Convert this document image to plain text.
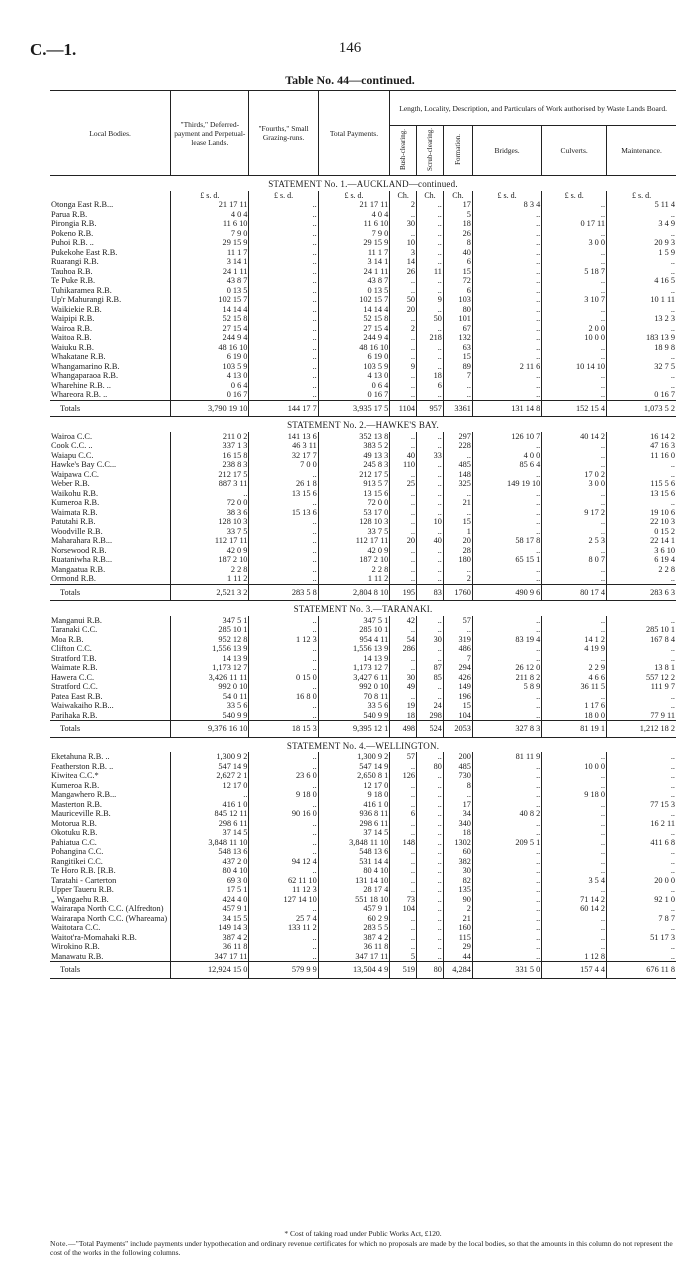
C.—1.	146
Table No. 44—continued.
Local Bodies.	"Thirds," Deferred-payment and Perpetual-lease Lands.	"Fourths," Small Grazing-runs.	Total Payments.	Length, Locality, Description, and Particulars of Work authorised by Waste Lands Board.					
				Bush-clearing.	Scrub-clearing.	Formation.	Bridges.	Culverts.	Maintenance.
STATEMENT No. 1.—AUCKLAND—continued.									
	£ s. d.	£ s. d.	£ s. d.	Ch.	Ch.	Ch.	£ s. d.	£ s. d.	£ s. d.
Otonga East R.B...	21 17 11	..	21 17 11	2	..	17	8 3 4	..	5 11 4
Parua R.B.	4 0 4	..	4 0 4	..	..	5	..	..	..
Pirongia R.B.	11 6 10	..	11 6 10	30	..	18	..	0 17 11	3 4 9
Pokeno R.B.	7 9 0	..	7 9 0	..	..	26	..	..	..
Puhoi R.B. ..	29 15 9	..	29 15 9	10	..	8	..	3 0 0	20 9 3
Pukekohe East R.B.	11 1 7	..	11 1 7	3	..	40	..	..	1 5 9
Ruarangi R.B.	3 14 1	..	3 14 1	14	..	6	..	..	..
Tauhoa R.B.	24 1 11	..	24 1 11	26	11	15	..	5 18 7	..
Te Puke R.B.	43 8 7	..	43 8 7	..	..	72	..	..	4 16 5
Tuhikaramea R.B.	0 13 5	..	0 13 5	..	..	6	..	..	..
Up'r Mahurangi R.B.	102 15 7	..	102 15 7	50	9	103	..	3 10 7	10 1 11
Waikiekie R.B.	14 14 4	..	14 14 4	20	..	80	..	..	..
Waipipi R.B.	52 15 8	..	52 15 8	..	50	101	..	..	13 2 3
Wairoa R.B.	27 15 4	..	27 15 4	2	..	67	..	2 0 0	..
Waitoa R.B.	244 9 4	..	244 9 4	..	218	132	..	10 0 0	183 13 9
Waiuku R.B.	48 16 10	..	48 16 10	..	..	63	..	..	18 9 8
Whakatane R.B.	6 19 0	..	6 19 0	..	..	15	..	..	..
Whangamarino R.B.	103 5 9	..	103 5 9	9	..	89	2 11 6	10 14 10	32 7 5
Whangaparaoa R.B.	4 13 0	..	4 13 0	..	18	7	..	..	..
Wharehine R.B. ..	0 6 4	..	0 6 4	..	6	..	..	..	..
Whareora R.B. ..	0 16 7	..	0 16 7	..	..	..	..	..	0 16 7
Totals	3,790 19 10	144 17 7	3,935 17 5	1104	957	3361	131 14 8	152 15 4	1,073 5 2
STATEMENT No. 2.—HAWKE'S BAY.									
Wairoa C.C.	211 0 2	141 13 6	352 13 8	..	..	297	126 10 7	40 14 2	16 14 2
Cook C.C. ..	337 1 3	46 3 11	383 5 2	..	..	228	..	..	47 16 3
Waiapu C.C.	16 15 8	32 17 7	49 13 3	40	33	..	4 0 0	..	11 16 0
Hawke's Bay C.C...	238 8 3	7 0 0	245 8 3	110	..	485	85 6 4	..	..
Waipawa C.C.	212 17 5	..	212 17 5	..	..	148	..	17 0 2	..
Weber R.B.	887 3 11	26 1 8	913 5 7	25	..	325	149 19 10	3 0 0	115 5 6
Waikohu R.B.	..	13 15 6	13 15 6	..	..	..	..	..	13 15 6
Kumeroa R.B.	72 0 0	..	72 0 0	..	..	21	..	..	..
Waimata R.B.	38 3 6	15 13 6	53 17 0	..	..	..	..	9 17 2	19 10 6
Patutahi R.B.	128 10 3	..	128 10 3	..	10	15	..	..	22 10 3
Woodville R.B.	33 7 5	..	33 7 5	..	..	1	..	..	0 15 2
Maharahara R.B...	112 17 11	..	112 17 11	20	40	20	58 17 8	2 5 3	22 14 1
Norsewood R.B.	42 0 9	..	42 0 9	..	..	28	..	..	3 6 10
Ruataniwha R.B...	187 2 10	..	187 2 10	..	..	180	65 15 1	8 0 7	6 19 4
Mangaatua R.B.	2 2 8	..	2 2 8	..	..	..	..	..	2 2 8
Ormond R.B.	1 11 2	..	1 11 2	..	..	2	..	..	..
Totals	2,521 3 2	283 5 8	2,804 8 10	195	83	1760	490 9 6	80 17 4	283 6 3
STATEMENT No. 3.—TARANAKI.									
Manganui R.B.	347 5 1	..	347 5 1	42	..	57	..	..	..
Taranaki C.C.	285 10 1	..	285 10 1	..	..	..	..	..	285 10 1
Moa R.B.	952 12 8	1 12 3	954 4 11	54	30	319	83 19 4	14 1 2	167 8 4
Clifton C.C.	1,556 13 9	..	1,556 13 9	286	..	486	..	4 19 9	..
Stratford T.B.	14 13 9	..	14 13 9	..	..	7	..	..	..
Waimate R.B.	1,173 12 7	..	1,173 12 7	..	87	294	26 12 0	2 2 9	13 8 1
Hawera C.C.	3,426 11 11	0 15 0	3,427 6 11	30	85	426	211 8 2	4 6 6	557 12 2
Stratford C.C.	992 0 10	..	992 0 10	49	..	149	5 8 9	36 11 5	111 9 7
Patea East R.B.	54 0 11	16 8 0	70 8 11	..	..	196	..	..	..
Waiwakaiho R.B...	33 5 6	..	33 5 6	19	24	15	..	1 17 6	..
Parihaka R.B.	540 9 9	..	540 9 9	18	298	104	..	18 0 0	77 9 11
Totals	9,376 16 10	18 15 3	9,395 12 1	498	524	2053	327 8 3	81 19 1	1,212 18 2
STATEMENT No. 4.—WELLINGTON.									
Eketahuna R.B. ..	1,300 9 2	..	1,300 9 2	57	..	200	81 11 9	..	..
Featherston R.B. ..	547 14 9	..	547 14 9	..	80	485	..	10 0 0	..
Kiwitea C.C.*	2,627 2 1	23 6 0	2,650 8 1	126	..	730	..	..	..
Kumeroa R.B.	12 17 0	..	12 17 0	..	..	8	..	..	..
Mangawhero R.B...	..	9 18 0	9 18 0	..	..	..	..	9 18 0	..
Masterton R.B.	416 1 0	..	416 1 0	..	..	17	..	..	77 15 3
Mauriceville R.B.	845 12 11	90 16 0	936 8 11	6	..	34	40 8 2	..	..
Motorua R.B.	298 6 11	..	298 6 11	..	..	340	..	..	16 2 11
Okotuku R.B.	37 14 5	..	37 14 5	..	..	18	..	..	..
Pahiatua C.C.	3,848 11 10	..	3,848 11 10	148	..	1302	209 5 1	..	411 6 8
Pohangina C.C.	548 13 6	..	548 13 6	..	..	60	..	..	..
Rangitikei C.C.	437 2 0	94 12 4	531 14 4	..	..	382	..	..	..
Te Horo R.B. [R.B.	80 4 10	..	80 4 10	..	..	30	..	..	..
Taratahi - Carterton	69 3 0	62 11 10	131 14 10	..	..	82	..	3 5 4	20 0 0
Upper Taueru R.B.	17 5 1	11 12 3	28 17 4	..	..	135	..	..	..
„ Wangaehu R.B.	424 4 0	127 14 10	551 18 10	73	..	90	..	71 14 2	92 1 0
Wairarapa North C.C. (Alfredton)	457 9 1	..	457 9 1	104	..	2	..	60 14 2	..
Wairarapa North C.C. (Whareama)	34 15 5	25 7 4	60 2 9	..	..	21	..	..	7 8 7
Waitotara C.C.	149 14 3	133 11 2	283 5 5	..	..	160	..	..	..
Waitot'ra-Momahaki R.B.	387 4 2	..	387 4 2	..	..	115	..	..	51 17 3
Wirokino R.B.	36 11 8	..	36 11 8	..	..	29	..	..	..
Manawatu R.B.	347 17 11	..	347 17 11	5	..	44	..	1 12 8	..
Totals	12,924 15 0	579 9 9	13,504 4 9	519	80	4,284	331 5 0	157 4 4	676 11 8
* Cost of taking road under Public Works Act, £120.
Note.—"Total Payments" include payments under hypothecation and ordinary revenue certificates for which no proposals are made by the local bodies, so that the amounts in this column do not represent the cost of the works in the following columns.
